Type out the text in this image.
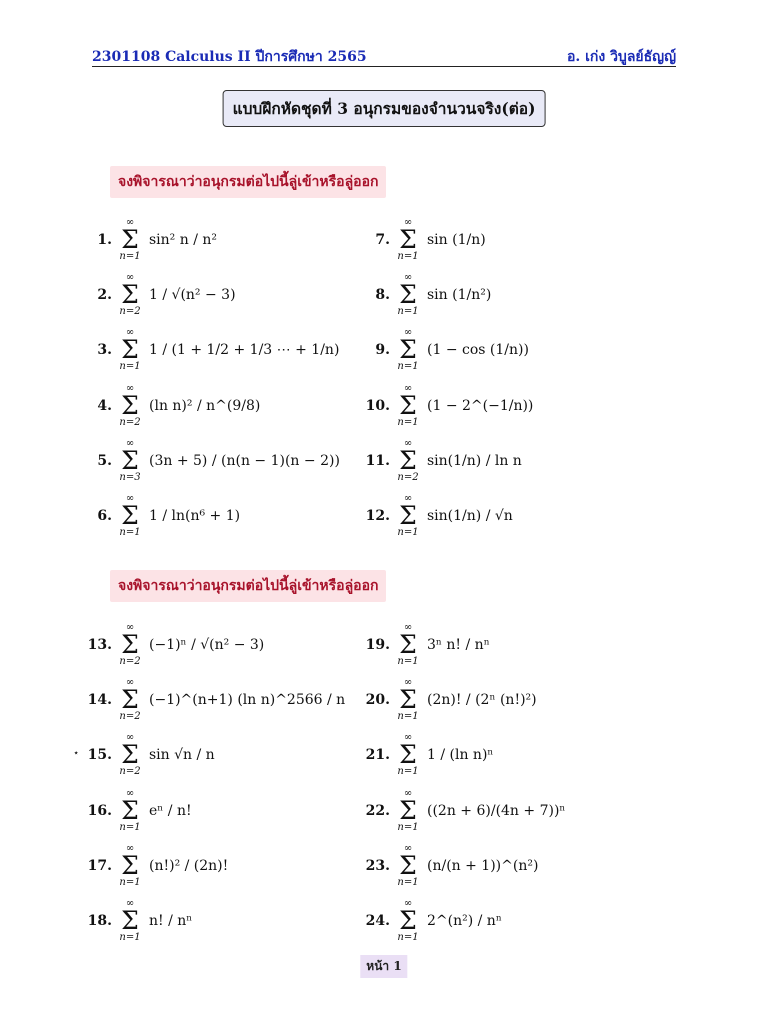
2301108 Calculus II ปีการศึกษา 2565	อ. เก่ง วิบูลย์ธัญญ์
แบบฝึกหัดชุดที่ 3 อนุกรมของจำนวนจริง(ต่อ)
จงพิจารณาว่าอนุกรมต่อไปนี้ลู่เข้าหรือลู่ออก
จงพิจารณาว่าอนุกรมต่อไปนี้ลู่เข้าหรือลู่ออก
1.
∞
Σ
n=1
sin² n / n²
2.
∞
Σ
n=2
1 / √(n² − 3)
3.
∞
Σ
n=1
1 / (1 + 1/2 + 1/3 ⋯ + 1/n)
4.
∞
Σ
n=2
(ln n)² / n^(9/8)
5.
∞
Σ
n=3
(3n + 5) / (n(n − 1)(n − 2))
6.
∞
Σ
n=1
1 / ln(n⁶ + 1)
7.
∞
Σ
n=1
sin (1/n)
8.
∞
Σ
n=1
sin (1/n²)
9.
∞
Σ
n=1
(1 − cos (1/n))
10.
∞
Σ
n=1
(1 − 2^(−1/n))
11.
∞
Σ
n=2
sin(1/n) / ln n
12.
∞
Σ
n=1
sin(1/n) / √n
13.
∞
Σ
n=2
(−1)ⁿ / √(n² − 3)
14.
∞
Σ
n=2
(−1)^(n+1) (ln n)^2566 / n
⋆ 15.
∞
Σ
n=2
sin √n / n
16.
∞
Σ
n=1
eⁿ / n!
17.
∞
Σ
n=1
(n!)² / (2n)!
18.
∞
Σ
n=1
n! / nⁿ
19.
∞
Σ
n=1
3ⁿ n! / nⁿ
20.
∞
Σ
n=1
(2n)! / (2ⁿ (n!)²)
21.
∞
Σ
n=1
1 / (ln n)ⁿ
22.
∞
Σ
n=1
((2n + 6)/(4n + 7))ⁿ
23.
∞
Σ
n=1
(n/(n + 1))^(n²)
24.
∞
Σ
n=1
2^(n²) / nⁿ
หน้า 1
